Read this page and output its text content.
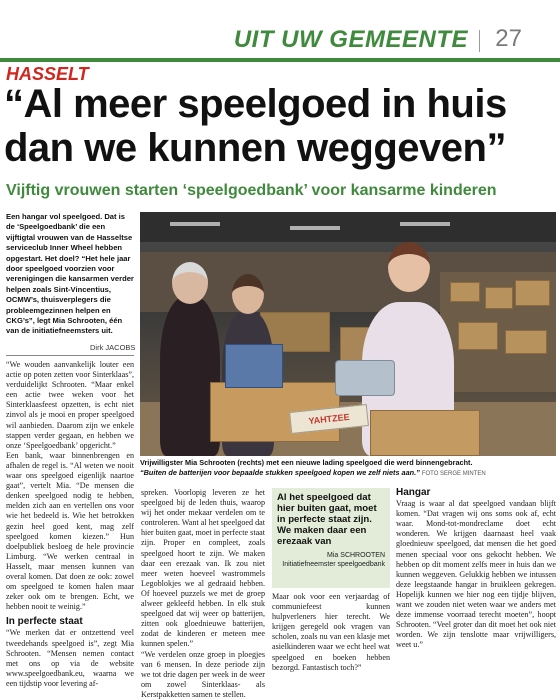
UIT UW GEMEENTE 27
HASSELT
“Al meer speelgoed in huis dan we kunnen weggeven”
Vijftig vrouwen starten ‘speelgoedbank’ voor kansarme kinderen
Een hangar vol speelgoed. Dat is de ‘Speelgoedbank’ die een vijftigtal vrouwen van de Hasseltse serviceclub Inner Wheel hebben opgestart. Het doel? “Het hele jaar door speelgoed voorzien voor verenigingen die kansarmen verder helpen zoals Sint-Vincentius, OCMW’s, thuisverplegers die probleemgezinnen helpen en CKG’s”, legt Mia Schrooten, één van de initiatiefneemsters uit.
Dirk JACOBS
YAHTZEE
Vrijwilligster Mia Schrooten (rechts) met een nieuwe lading speelgoed die werd binnengebracht.
“Buiten de batterijen voor bepaalde stukken speelgoed kopen we zelf niets aan.” FOTO SERGE MINTEN

“We wouden aanvankelijk louter een actie op poten zetten voor Sinterklaas”, verduidelijkt Schrooten. “Maar enkel een actie twee weken voor het Sinterklaasfeest opzetten, is echt niet zinvol als je mooi en proper speelgoed wil aanbieden. Daarom zijn we enkele stappen verder gegaan, en hebben we onze ‘Speelgoedbank’ opgericht.”

Een bank, waar binnenbrengen en afhalen de regel is. “Al weten we nooit waar ons speelgoed eigenlijk naartoe gaat”, vertelt Mia. “De mensen die denken speelgoed nodig te hebben, melden zich aan en vertellen ons voor wie het bedeeld is. Wie het betrokken gezin heel goed kent, mag zelf speelgoed komen kiezen.” Hun doelpubliek besloeg de hele provincie Limburg. “We werken centraal in Hasselt, maar mensen kunnen van overal komen. Dat doen ze ook: zowel om speelgoed te komen halen maar zeker ook om te brengen. Echt, we hebben nooit te weinig.”

In perfecte staat

“We merken dat er ontzettend veel tweedehands speelgoed is”, zegt Mia Schrooten. “Mensen nemen contact met ons op via de website www.speelgoedbank.eu, waarna we een tijdstip voor levering af-

spreken. Voorlopig leveren ze het speelgoed bij de leden thuis, waarop wij het onder mekaar verdelen om te controleren. Want al het speelgoed dat hier buiten gaat, moet in perfecte staat zijn. Proper en compleet, zoals speelgoed hoort te zijn. We maken daar een erezaak van. Ik zou niet meer weten hoeveel wastrommels Legoblokjes we al gedraaid hebben. Of hoeveel puzzels we met de groep alweer gekleefd hebben. In elk stuk speelgoed dat wij weer op batterijen, zitten ook gloednieuwe batterijen, zodat de kinderen er meteen mee kunnen spelen.”

“We verdelen onze groep in ploegjes van 6 mensen. In deze periode zijn we tot drie dagen per week in de weer om zowel Sinterklaas- als Kerstpakketten samen te stellen.

Al het speelgoed dat hier buiten gaat, moet in perfecte staat zijn. We maken daar een erezaak van
Mia SCHROOTEN
Initiatiefneemster speelgoedbank

Maar ook voor een verjaardag of communiefeest kunnen hulpverleners hier terecht. We krijgen geregeld ook vragen van scholen, zoals nu van een klasje met asielkinderen waar we echt heel wat speelgoed en boeken hebben bezorgd. Fantastisch toch?”

Hangar

Vraag is waar al dat speelgoed vandaan blijft komen. “Dat vragen wij ons soms ook af, echt waar. Mond-tot-mondreclame doet echt wonderen. We krijgen daarnaast heel vaak gloednieuw speelgoed, dat mensen die het goed menen speciaal voor ons gekocht hebben. We hebben op dit moment zelfs meer in huis dan we kunnen weggeven. Gelukkig hebben we intussen deze leegstaande hangar in bruikleen gekregen. Hopelijk kunnen we hier nog een tijdje blijven, want we zouden niet weten waar we anders met deze immense voorraad terecht moeten”, hoopt Schrooten. “Veel groter dan dit moet het ook niet worden. We zijn tenslotte maar vrijwilligers, weet u.”
